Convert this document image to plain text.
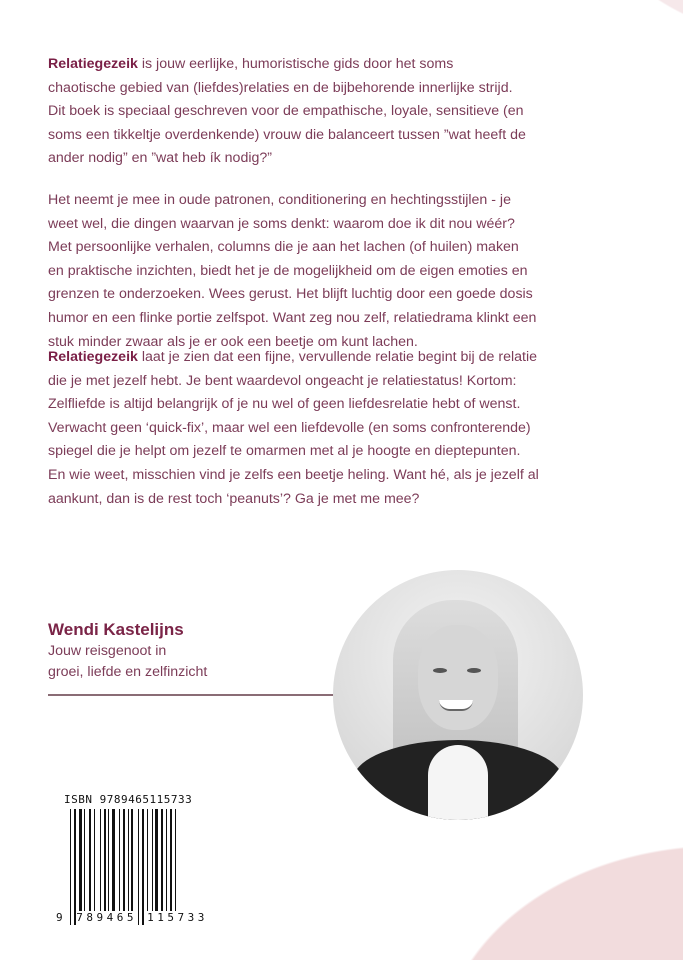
Relatiegezeik is jouw eerlijke, humoristische gids door het soms
chaotische gebied van (liefdes)relaties en de bijbehorende innerlijke strijd.
Dit boek is speciaal geschreven voor de empathische, loyale, sensitieve (en
soms een tikkeltje overdenkende) vrouw die balanceert tussen ”wat heeft de
ander nodig” en ”wat heb ík nodig?”
Het neemt je mee in oude patronen, conditionering en hechtingsstijlen - je
weet wel, die dingen waarvan je soms denkt: waarom doe ik dit nou wéér?
Met persoonlijke verhalen, columns die je aan het lachen (of huilen) maken
en praktische inzichten, biedt het je de mogelijkheid om de eigen emoties en
grenzen te onderzoeken. Wees gerust. Het blijft luchtig door een goede dosis
humor en een flinke portie zelfspot. Want zeg nou zelf, relatiedrama klinkt een
stuk minder zwaar als je er ook een beetje om kunt lachen.
Relatiegezeik laat je zien dat een fijne, vervullende relatie begint bij de relatie
die je met jezelf hebt. Je bent waardevol ongeacht je relatiestatus! Kortom:
Zelfliefde is altijd belangrijk of je nu wel of geen liefdesrelatie hebt of wenst.
Verwacht geen ‘quick-fix’, maar wel een liefdevolle (en soms confronterende)
spiegel die je helpt om jezelf te omarmen met al je hoogte en dieptepunten.
En wie weet, misschien vind je zelfs een beetje heling. Want hé, als je jezelf al
aankunt, dan is de rest toch ‘peanuts’? Ga je met me mee?
Wendi Kastelijns
Jouw reisgenoot in
groei, liefde en zelfinzicht
ISBN 9789465115733
9 789465 115733
